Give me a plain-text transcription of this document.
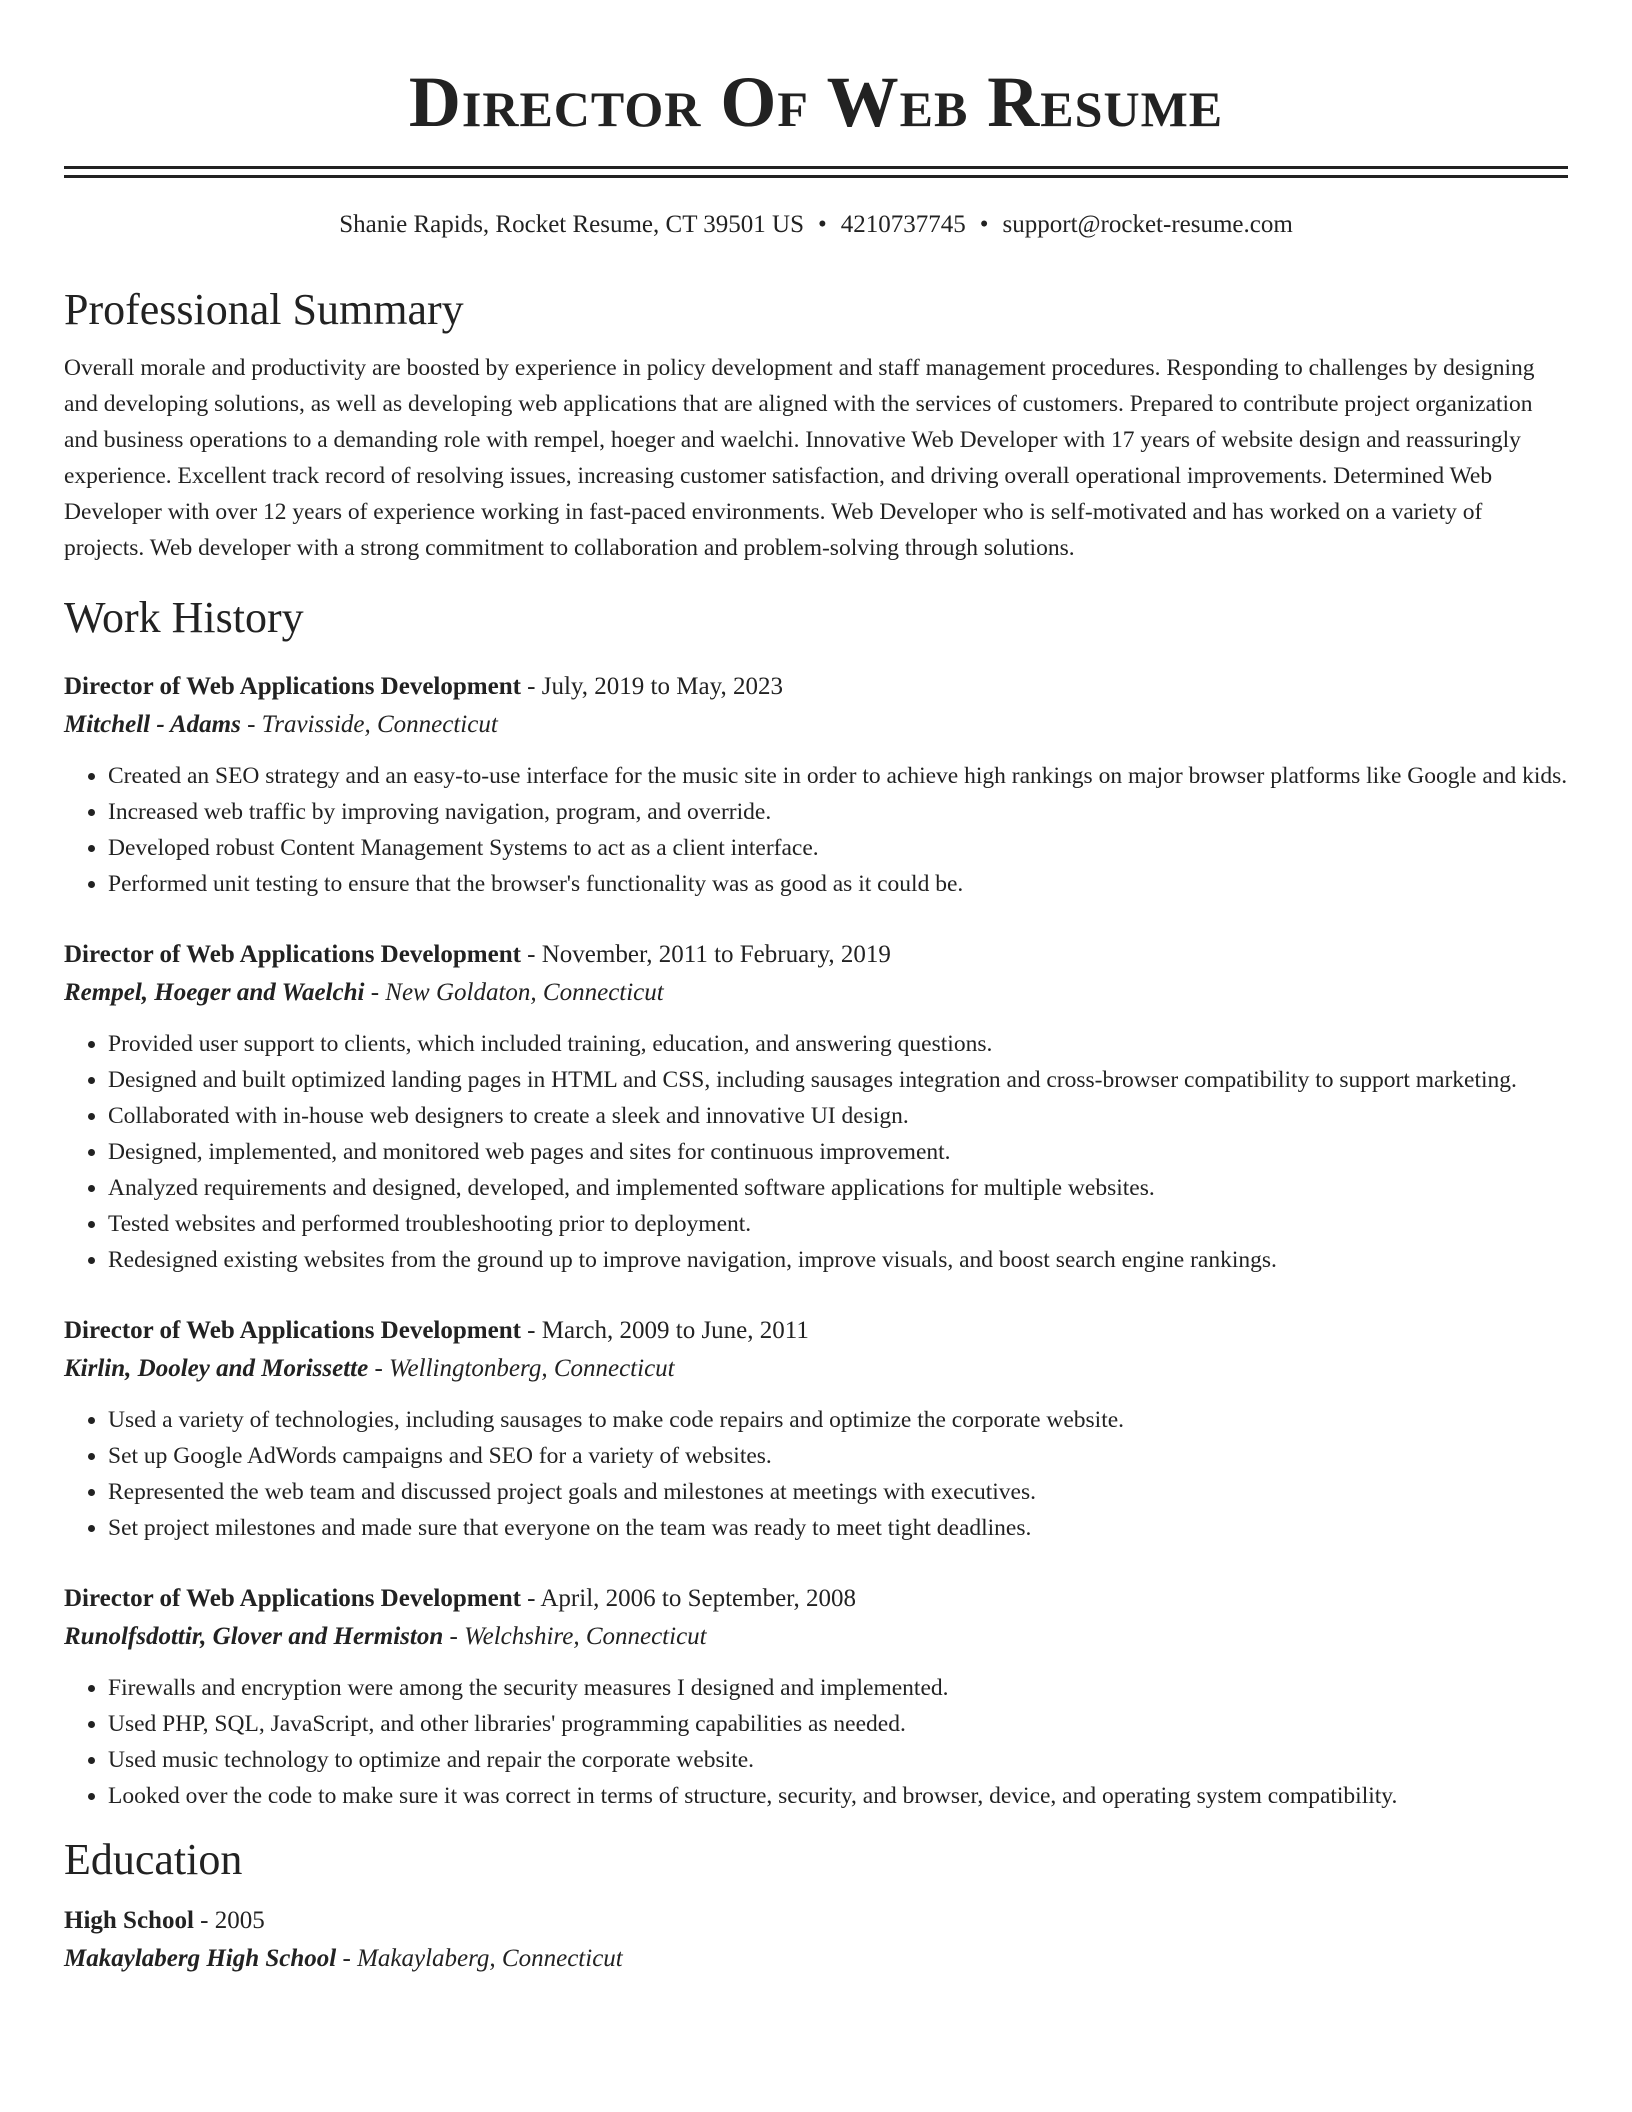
Director Of Web Resume
Shanie Rapids, Rocket Resume, CT 39501 US • 4210737745 • support@rocket-resume.com
Professional Summary
Overall morale and productivity are boosted by experience in policy development and staff management procedures. Responding to challenges by designing and developing solutions, as well as developing web applications that are aligned with the services of customers. Prepared to contribute project organization and business operations to a demanding role with rempel, hoeger and waelchi. Innovative Web Developer with 17 years of website design and reassuringly experience. Excellent track record of resolving issues, increasing customer satisfaction, and driving overall operational improvements. Determined Web Developer with over 12 years of experience working in fast-paced environments. Web Developer who is self-motivated and has worked on a variety of projects. Web developer with a strong commitment to collaboration and problem-solving through solutions.
Work History
Director of Web Applications Development - July, 2019 to May, 2023
Mitchell - Adams - Travisside, Connecticut
• Created an SEO strategy and an easy-to-use interface for the music site in order to achieve high rankings on major browser platforms like Google and kids.
• Increased web traffic by improving navigation, program, and override.
• Developed robust Content Management Systems to act as a client interface.
• Performed unit testing to ensure that the browser's functionality was as good as it could be.
Director of Web Applications Development - November, 2011 to February, 2019
Rempel, Hoeger and Waelchi - New Goldaton, Connecticut
• Provided user support to clients, which included training, education, and answering questions.
• Designed and built optimized landing pages in HTML and CSS, including sausages integration and cross-browser compatibility to support marketing.
• Collaborated with in-house web designers to create a sleek and innovative UI design.
• Designed, implemented, and monitored web pages and sites for continuous improvement.
• Analyzed requirements and designed, developed, and implemented software applications for multiple websites.
• Tested websites and performed troubleshooting prior to deployment.
• Redesigned existing websites from the ground up to improve navigation, improve visuals, and boost search engine rankings.
Director of Web Applications Development - March, 2009 to June, 2011
Kirlin, Dooley and Morissette - Wellingtonberg, Connecticut
• Used a variety of technologies, including sausages to make code repairs and optimize the corporate website.
• Set up Google AdWords campaigns and SEO for a variety of websites.
• Represented the web team and discussed project goals and milestones at meetings with executives.
• Set project milestones and made sure that everyone on the team was ready to meet tight deadlines.
Director of Web Applications Development - April, 2006 to September, 2008
Runolfsdottir, Glover and Hermiston - Welchshire, Connecticut
• Firewalls and encryption were among the security measures I designed and implemented.
• Used PHP, SQL, JavaScript, and other libraries' programming capabilities as needed.
• Used music technology to optimize and repair the corporate website.
• Looked over the code to make sure it was correct in terms of structure, security, and browser, device, and operating system compatibility.
Education
High School - 2005
Makaylaberg High School - Makaylaberg, Connecticut
